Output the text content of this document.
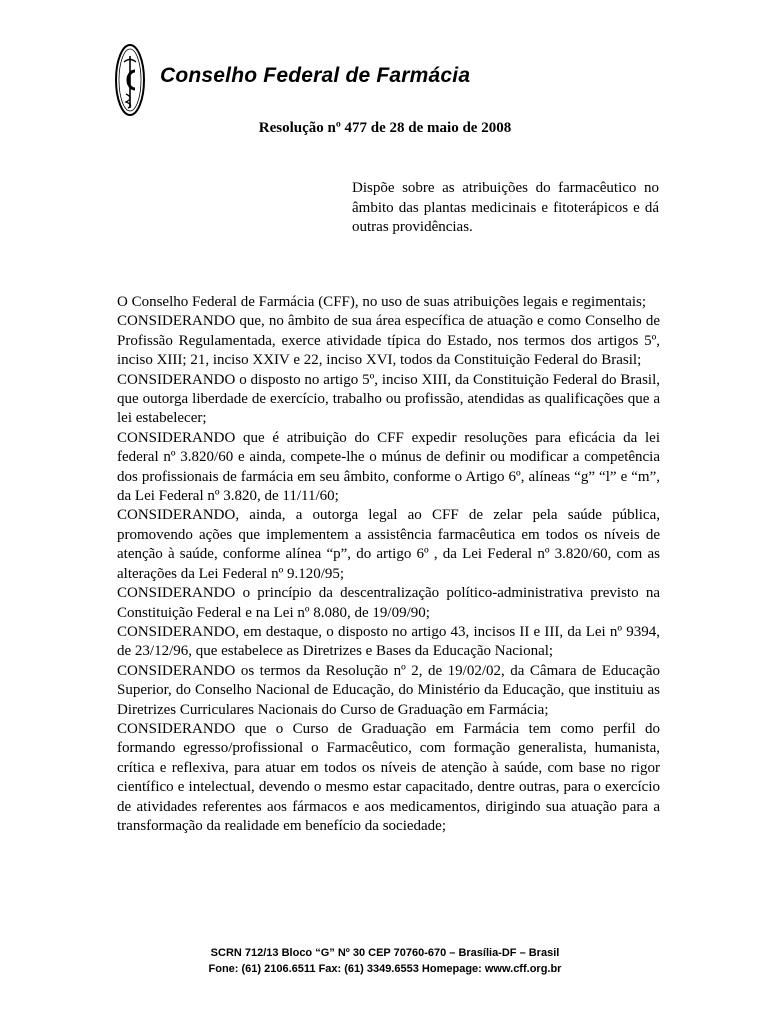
Conselho Federal de Farmácia
Resolução nº 477 de 28 de maio de 2008
Dispõe sobre as atribuições do farmacêutico no âmbito das plantas medicinais e fitoterápicos e dá outras providências.

O Conselho Federal de Farmácia (CFF), no uso de suas atribuições legais e regimentais;

CONSIDERANDO que, no âmbito de sua área específica de atuação e como Conselho de Profissão Regulamentada, exerce atividade típica do Estado, nos termos dos artigos 5º, inciso XIII; 21, inciso XXIV e 22, inciso XVI, todos da Constituição Federal do Brasil;

CONSIDERANDO o disposto no artigo 5º, inciso XIII, da Constituição Federal do Brasil, que outorga liberdade de exercício, trabalho ou profissão, atendidas as qualificações que a lei estabelecer;

CONSIDERANDO que é atribuição do CFF expedir resoluções para eficácia da lei federal nº 3.820/60 e ainda, compete-lhe o múnus de definir ou modificar a competência dos profissionais de farmácia em seu âmbito, conforme o Artigo 6º, alíneas “g” “l” e “m”, da Lei Federal nº 3.820, de 11/11/60;

CONSIDERANDO, ainda, a outorga legal ao CFF de zelar pela saúde pública, promovendo ações que implementem a assistência farmacêutica em todos os níveis de atenção à saúde, conforme alínea “p”, do artigo 6º , da Lei Federal nº 3.820/60, com as alterações da Lei Federal nº 9.120/95;

CONSIDERANDO o princípio da descentralização político-administrativa previsto na Constituição Federal e na Lei nº 8.080, de 19/09/90;

CONSIDERANDO, em destaque, o disposto no artigo 43, incisos II e III, da Lei nº 9394, de 23/12/96, que estabelece as Diretrizes e Bases da Educação Nacional;

CONSIDERANDO os termos da Resolução nº 2, de 19/02/02, da Câmara de Educação Superior, do Conselho Nacional de Educação, do Ministério da Educação, que instituiu as Diretrizes Curriculares Nacionais do Curso de Graduação em Farmácia;

CONSIDERANDO que o Curso de Graduação em Farmácia tem como perfil do formando egresso/profissional o Farmacêutico, com formação generalista, humanista, crítica e reflexiva, para atuar em todos os níveis de atenção à saúde, com base no rigor científico e intelectual, devendo o mesmo estar capacitado, dentre outras, para o exercício de atividades referentes aos fármacos e aos medicamentos, dirigindo sua atuação para a transformação da realidade em benefício da sociedade;

SCRN 712/13 Bloco “G” Nº 30 CEP 70760-670 – Brasília-DF – Brasil
Fone: (61) 2106.6511 Fax: (61) 3349.6553 Homepage: www.cff.org.br
